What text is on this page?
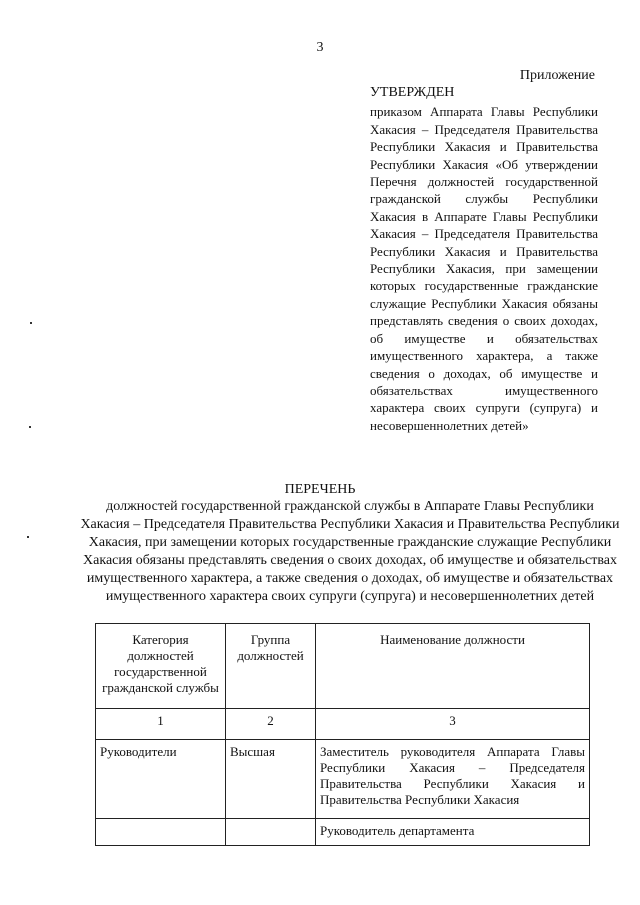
3
Приложение

УТВЕРЖДЕН

приказом Аппарата Главы Республики Хакасия – Председателя Правительства Республики Хакасия и Правительства Республики Хакасия «Об утверждении Перечня должностей государственной гражданской службы Республики Хакасия в Аппарате Главы Республики Хакасия – Председателя Правительства Республики Хакасия и Правительства Республики Хакасия, при замещении которых государственные гражданские служащие Республики Хакасия обязаны представлять сведения о своих доходах, об имуществе и обязательствах имущественного характера, а также сведения о доходах, об имуществе и обязательствах имущественного характера своих супруги (супруга) и несовершеннолетних детей»

ПЕРЕЧЕНЬ

должностей государственной гражданской службы в Аппарате Главы Республики Хакасия – Председателя Правительства Республики Хакасия и Правительства Республики Хакасия, при замещении которых государственные гражданские служащие Республики Хакасия обязаны представлять сведения о своих доходах, об имуществе и обязательствах имущественного характера, а также сведения о доходах, об имуществе и обязательствах имущественного характера своих супруги (супруга) и несовершеннолетних детей

Категория должностей государственной гражданской службы	Группа должностей	Наименование должности
1	2	3
Руководители	Высшая	Заместитель руководителя Аппарата Главы Республики Хакасия – Председателя Правительства Республики Хакасия и Правительства Республики Хакасия
		Руководитель департамента
